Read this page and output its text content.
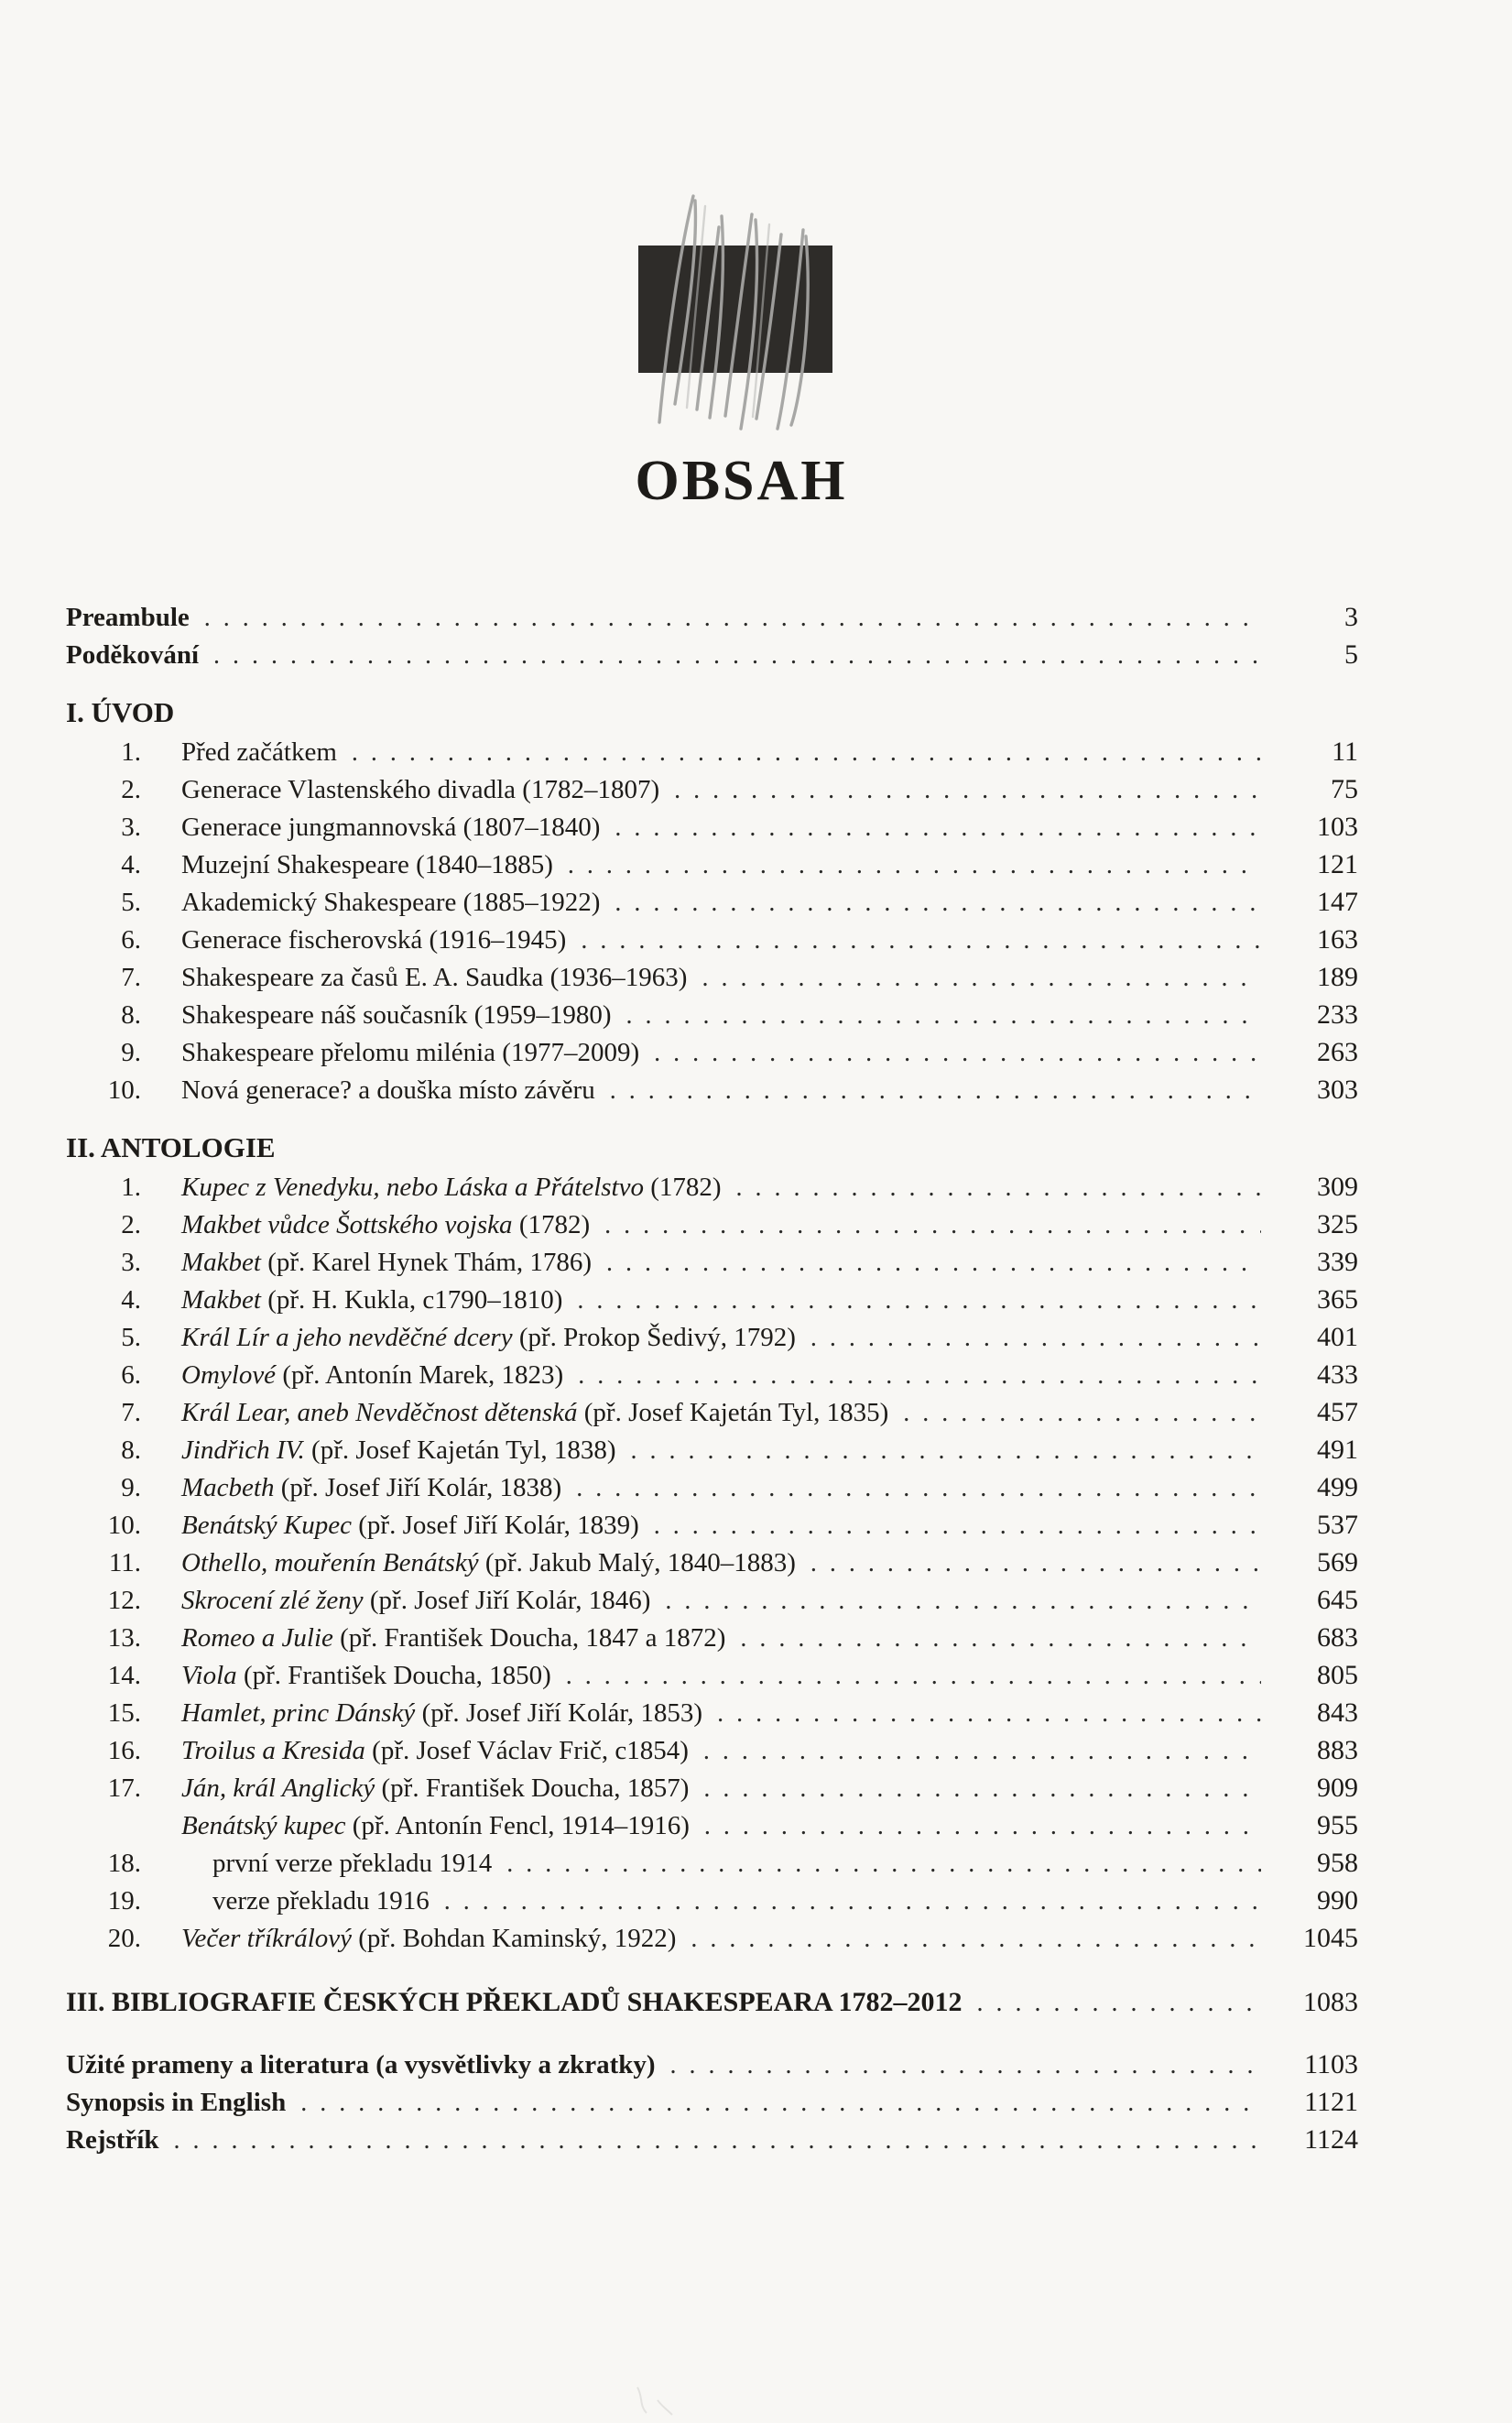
OBSAH
Preambule .....	3
Poděkování .....	5
I. ÚVOD
1.	Před začátkem .....	11
2.	Generace Vlastenského divadla (1782–1807) .....	75
3.	Generace jungmannovská (1807–1840) .....	103
4.	Muzejní Shakespeare (1840–1885) .....	121
5.	Akademický Shakespeare (1885–1922) .....	147
6.	Generace fischerovská (1916–1945) .....	163
7.	Shakespeare za časů E. A. Saudka (1936–1963) .....	189
8.	Shakespeare náš současník (1959–1980) .....	233
9.	Shakespeare přelomu milénia (1977–2009) .....	263
10.	Nová generace? a douška místo závěru .....	303
II. ANTOLOGIE
1.	Kupec z Venedyku, nebo Láska a Přátelstvo (1782) .....	309
2.	Makbet vůdce Šottského vojska (1782) .....	325
3.	Makbet (př. Karel Hynek Thám, 1786) .....	339
4.	Makbet (př. H. Kukla, c1790–1810) .....	365
5.	Král Lír a jeho nevděčné dcery (př. Prokop Šedivý, 1792) .....	401
6.	Omylové (př. Antonín Marek, 1823) .....	433
7.	Král Lear, aneb Nevděčnost dětenská (př. Josef Kajetán Tyl, 1835) .....	457
8.	Jindřich IV. (př. Josef Kajetán Tyl, 1838) .....	491
9.	Macbeth (př. Josef Jiří Kolár, 1838) .....	499
10.	Benátský Kupec (př. Josef Jiří Kolár, 1839) .....	537
11.	Othello, mouřenín Benátský (př. Jakub Malý, 1840–1883) .....	569
12.	Skrocení zlé ženy (př. Josef Jiří Kolár, 1846) .....	645
13.	Romeo a Julie (př. František Doucha, 1847 a 1872) .....	683
14.	Viola (př. František Doucha, 1850) .....	805
15.	Hamlet, princ Dánský (př. Josef Jiří Kolár, 1853) .....	843
16.	Troilus a Kresida (př. Josef Václav Frič, c1854) .....	883
17.	Ján, král Anglický (př. František Doucha, 1857) .....	909
Benátský kupec (př. Antonín Fencl, 1914–1916) .....	955
18.	první verze překladu 1914 .....	958
19.	verze překladu 1916 .....	990
20.	Večer tříkrálový (př. Bohdan Kaminský, 1922) .....	1045
III. BIBLIOGRAFIE ČESKÝCH PŘEKLADŮ SHAKESPEARA 1782–2012 .....	1083
Užité prameny a literatura (a vysvětlivky a zkratky) .....	1103
Synopsis in English .....	1121
Rejstřík .....	1124
